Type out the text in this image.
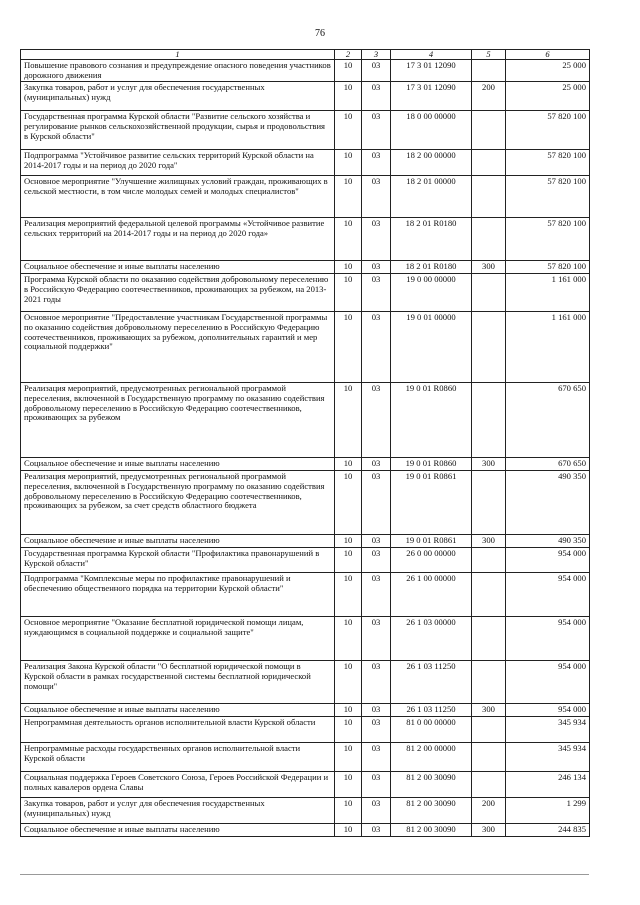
76
1	2	3	4	5	6
Повышение правового сознания и предупреждение опасного поведения участников дорожного движения	10	03	17 3 01 12090		25 000
Закупка товаров, работ и услуг для обеспечения государственных (муниципальных) нужд	10	03	17 3 01 12090	200	25 000
Государственная программа Курской области "Развитие сельского хозяйства и регулирование рынков сельскохозяйственной продукции, сырья и продовольствия в Курской области"	10	03	18 0 00 00000		57 820 100
Подпрограмма "Устойчивое развитие сельских территорий Курской области на 2014-2017 годы и на период до 2020 года"	10	03	18 2 00 00000		57 820 100
Основное мероприятие "Улучшение жилищных условий граждан, проживающих в сельской местности, в том числе молодых семей и молодых специалистов"	10	03	18 2 01 00000		57 820 100
Реализация мероприятий федеральной целевой программы «Устойчивое развитие сельских территорий на 2014-2017 годы и на период до 2020 года»	10	03	18 2 01 R0180		57 820 100
Социальное обеспечение и иные выплаты населению	10	03	18 2 01 R0180	300	57 820 100
Программа Курской области по оказанию содействия добровольному переселению в Российскую Федерацию соотечественников, проживающих за рубежом, на 2013-2021 годы	10	03	19 0 00 00000		1 161 000
Основное мероприятие "Предоставление участникам Государственной программы по оказанию содействия добровольному переселению в Российскую Федерацию соотечественников, проживающих за рубежом, дополнительных гарантий и мер социальной поддержки"	10	03	19 0 01 00000		1 161 000
Реализация мероприятий, предусмотренных региональной программой переселения, включенной в Государственную программу по оказанию содействия добровольному переселению в Российскую Федерацию соотечественников, проживающих за рубежом	10	03	19 0 01 R0860		670 650
Социальное обеспечение и иные выплаты населению	10	03	19 0 01 R0860	300	670 650
Реализация мероприятий, предусмотренных региональной программой переселения, включенной в Государственную программу по оказанию содействия добровольному переселению в Российскую Федерацию соотечественников, проживающих за рубежом, за счет средств областного бюджета	10	03	19 0 01 R0861		490 350
Социальное обеспечение и иные выплаты населению	10	03	19 0 01 R0861	300	490 350
Государственная программа Курской области "Профилактика правонарушений в Курской области"	10	03	26 0 00 00000		954 000
Подпрограмма "Комплексные меры по профилактике правонарушений и обеспечению общественного порядка на территории Курской области"	10	03	26 1 00 00000		954 000
Основное мероприятие "Оказание бесплатной юридической помощи лицам, нуждающимся в социальной поддержке и социальной защите"	10	03	26 1 03 00000		954 000
Реализация Закона Курской области "О бесплатной юридической помощи в Курской области в рамках государственной системы бесплатной юридической помощи"	10	03	26 1 03 11250		954 000
Социальное обеспечение и иные выплаты населению	10	03	26 1 03 11250	300	954 000
Непрограммная деятельность органов исполнительной власти Курской области	10	03	81 0 00 00000		345 934
Непрограммные расходы государственных органов исполнительной власти Курской области	10	03	81 2 00 00000		345 934
Социальная поддержка Героев Советского Союза, Героев Российской Федерации и полных кавалеров ордена Славы	10	03	81 2 00 30090		246 134
Закупка товаров, работ и услуг для обеспечения государственных (муниципальных) нужд	10	03	81 2 00 30090	200	1 299
Социальное обеспечение и иные выплаты населению	10	03	81 2 00 30090	300	244 835
